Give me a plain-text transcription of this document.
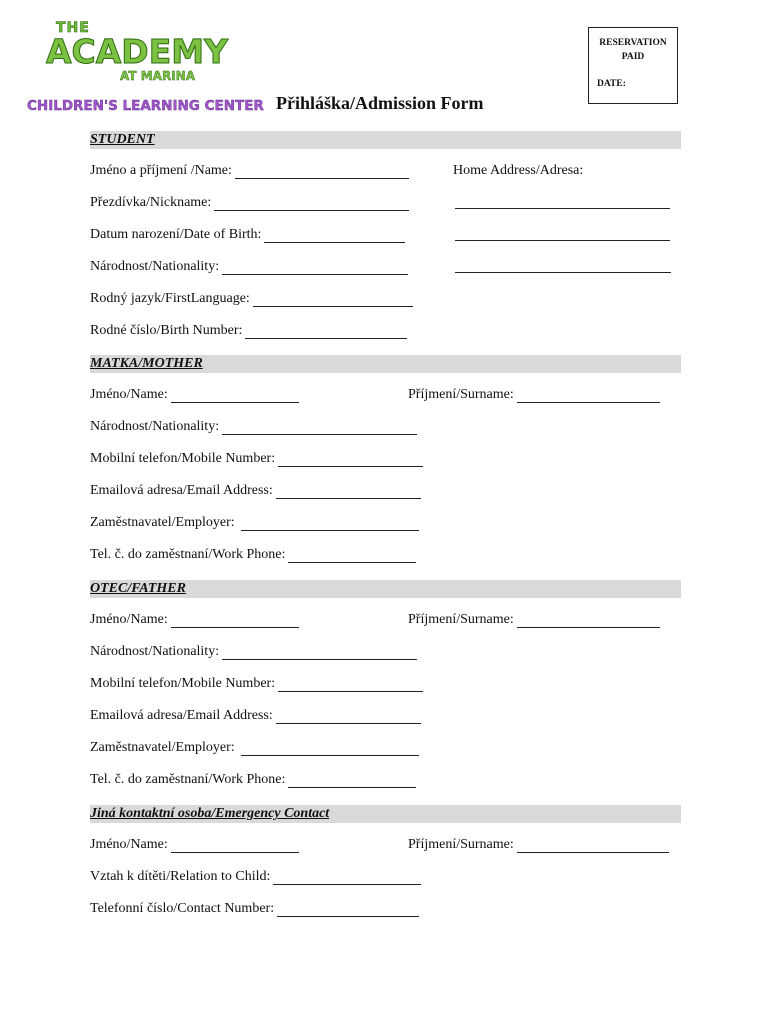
THE
ACADEMY
AT MARINA
CHILDREN'S LEARNING CENTER
RESERVATION
PAID
DATE:
Přihláška/Admission Form
STUDENT
Jméno a příjmení /Name:	Home Address/Adresa:
Přezdívka/Nickname:
Datum narození/Date of Birth:
Národnost/Nationality:
Rodný jazyk/FirstLanguage:
Rodné číslo/Birth Number:
MATKA/MOTHER
Jméno/Name:	Příjmení/Surname:
Národnost/Nationality:
Mobilní telefon/Mobile Number:
Emailová adresa/Email Address:
Zaměstnavatel/Employer:
Tel. č. do zaměstnaní/Work Phone:
OTEC/FATHER
Jméno/Name:	Příjmení/Surname:
Národnost/Nationality:
Mobilní telefon/Mobile Number:
Emailová adresa/Email Address:
Zaměstnavatel/Employer:
Tel. č. do zaměstnaní/Work Phone:
Jiná kontaktní osoba/Emergency Contact
Jméno/Name:	Příjmení/Surname:
Vztah k dítěti/Relation to Child:
Telefonní číslo/Contact Number:
